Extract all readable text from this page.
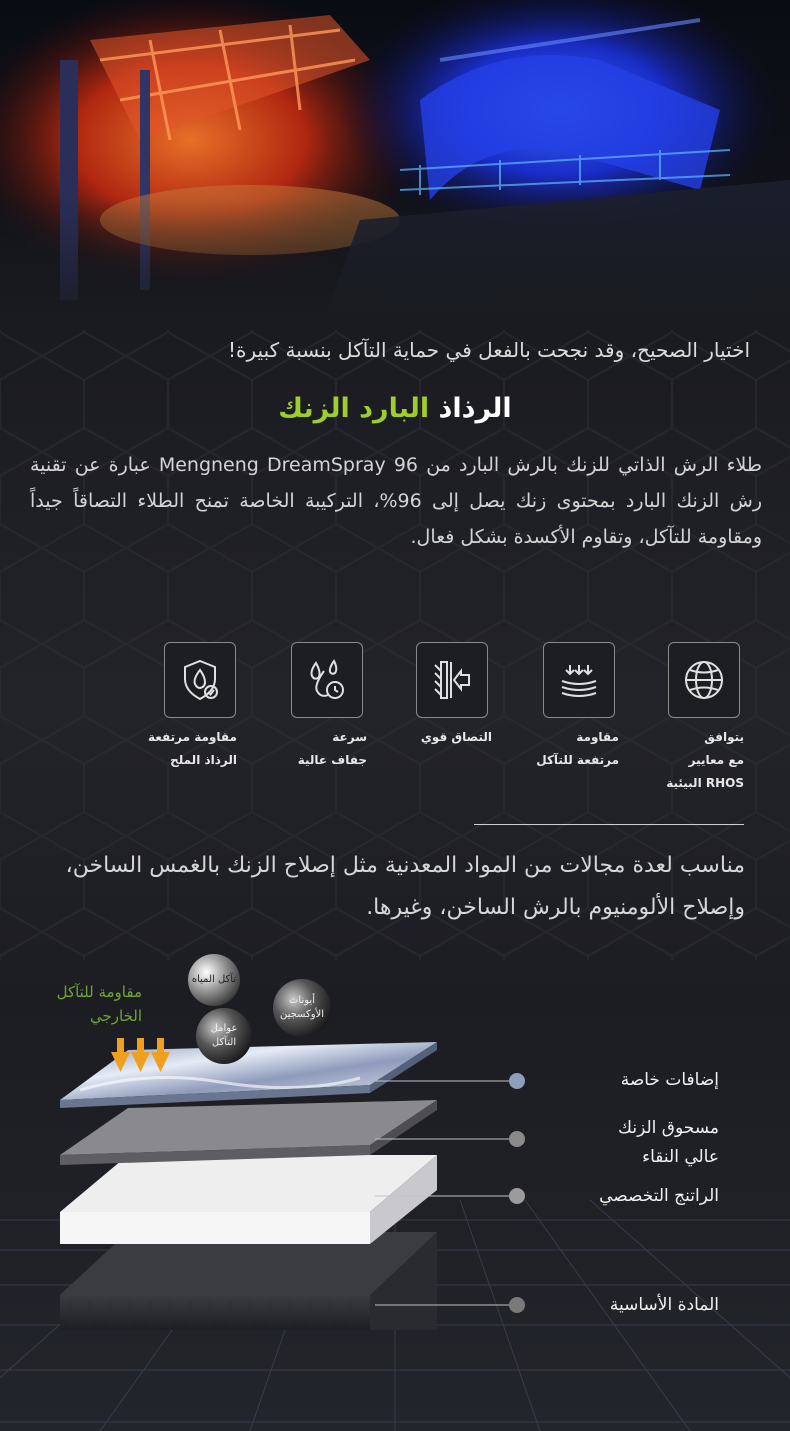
اختيار الصحيح، وقد نجحت بالفعل في حماية التآكل بنسبة كبيرة!
الرذاذ البارد الزنك
طلاء الرش الذاتي للزنك بالرش البارد من Mengneng DreamSpray 96 عبارة عن تقنية رش الزنك البارد بمحتوى زنك يصل إلى 96%، التركيبة الخاصة تمنح الطلاء التصاقاً جيداً ومقاومة للتآكل، وتقاوم الأكسدة بشكل فعال.
يتوافق
مع معايير
RHOS البيئية
مقاومة
مرتفعة للتآكل
التصاق قوي
سرعة
جفاف عالية
مقاومة مرتفعة
الرذاذ الملح
مناسب لعدة مجالات من المواد المعدنية مثل إصلاح الزنك بالغمس الساخن، وإصلاح الألومنيوم بالرش الساخن، وغيرها.
مقاومة للتآكل الخارجي
تآكل المياه
عوامل التآكل
أيونات الأوكسجين
إضافات خاصة
مسحوق الزنك
عالي النقاء
الراتنج التخصصي
المادة الأساسية
